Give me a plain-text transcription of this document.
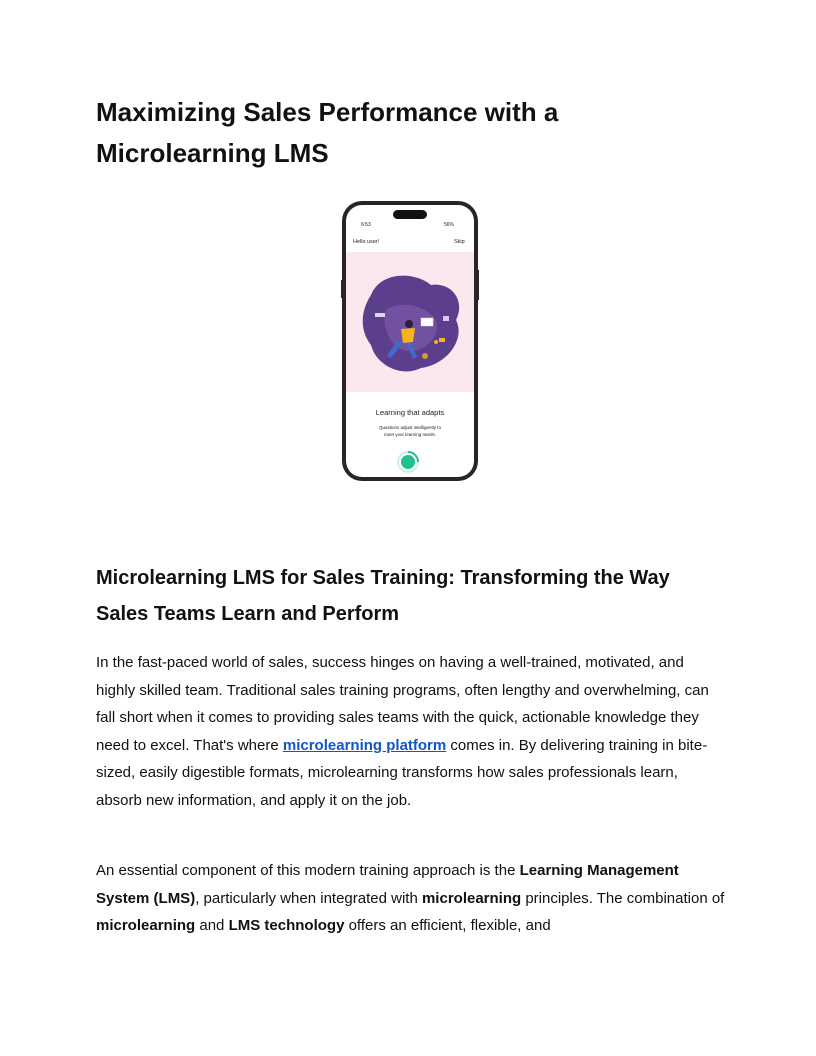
Maximizing Sales Performance with a Microlearning LMS
6:53	56%
Hello user!	Skip
Learning that adapts
Questions adjust intelligently to
meet your learning needs.
Microlearning LMS for Sales Training: Transforming the Way Sales Teams Learn and Perform

In the fast-paced world of sales, success hinges on having a well-trained, motivated, and highly skilled team. Traditional sales training programs, often lengthy and overwhelming, can fall short when it comes to providing sales teams with the quick, actionable knowledge they need to excel. That's where microlearning platform comes in. By delivering training in bite-sized, easily digestible formats, microlearning transforms how sales professionals learn, absorb new information, and apply it on the job.

An essential component of this modern training approach is the Learning Management System (LMS), particularly when integrated with microlearning principles. The combination of microlearning and LMS technology offers an efficient, flexible, and
